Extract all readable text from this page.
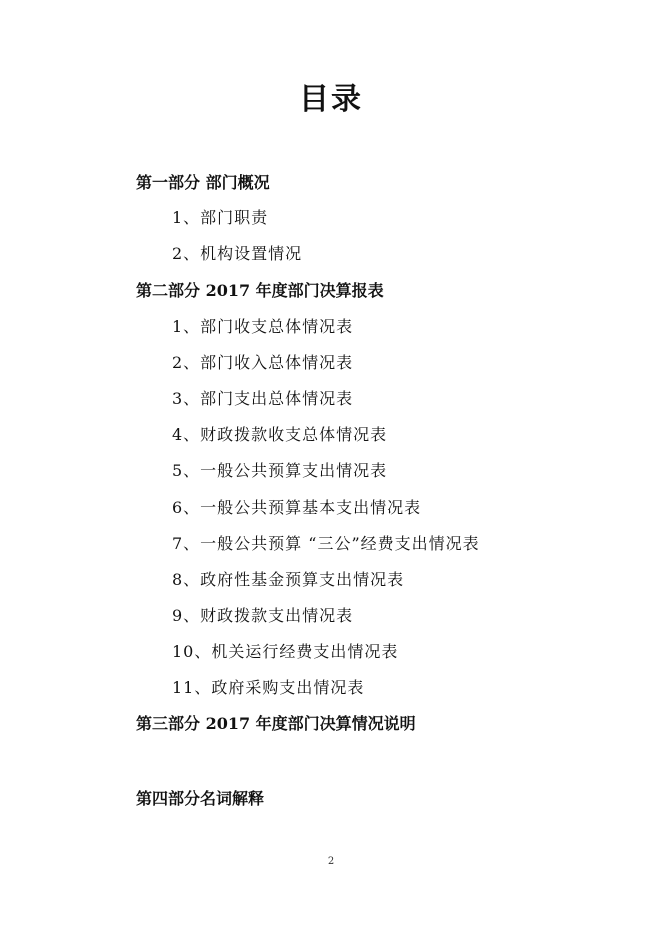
目录
第一部分 部门概况
1、部门职责
2、机构设置情况
第二部分 2017 年度部门决算报表
1、部门收支总体情况表
2、部门收入总体情况表
3、部门支出总体情况表
4、财政拨款收支总体情况表
5、一般公共预算支出情况表
6、一般公共预算基本支出情况表
7、一般公共预算 “三公”经费支出情况表
8、政府性基金预算支出情况表
9、财政拨款支出情况表
10、机关运行经费支出情况表
11、政府采购支出情况表
第三部分 2017 年度部门决算情况说明
第四部分名词解释
2
